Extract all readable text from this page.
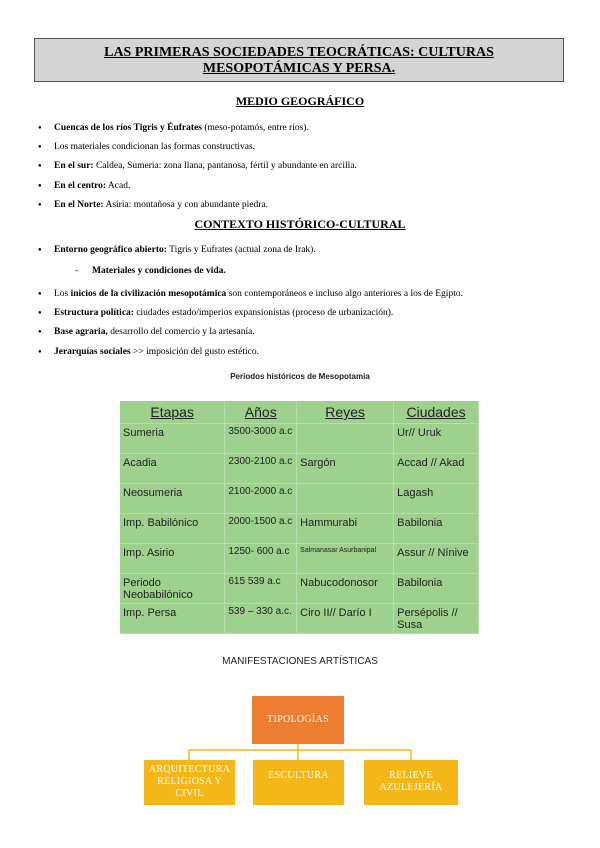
LAS PRIMERAS SOCIEDADES TEOCRÁTICAS: CULTURAS
MESOPOTÁMICAS Y PERSA.
MEDIO GEOGRÁFICO
● Cuencas de los ríos Tigris y Éufrates (meso-potamós, entre ríos).
● Los materiales condicionan las formas constructivas.
● En el sur: Caldea, Sumeria: zona llana, pantanosa, fértil y abundante en arcilla.
● En el centro: Acad.
● En el Norte: Asiria: montañosa y con abundante piedra.
CONTEXTO HISTÓRICO-CULTURAL
● Entorno geográfico abierto: Tigris y Eufrates (actual zona de Irak).
- Materiales y condiciones de vida.
● Los inicios de la civilización mesopotámica son contemporáneos e incluso algo anteriores a los de Egipto.
● Estructura política: ciudades estado/imperios expansionistas (proceso de urbanización).
● Base agraria, desarrollo del comercio y la artesanía.
● Jerarquías sociales >> imposición del gusto estético.
Periodos históricos de Mesopotamia
Etapas	Años	Reyes	Ciudades
Sumeria	3500-3000 a.c		Ur// Uruk
Acadia	2300-2100 a.c	Sargón	Accad // Akad
Neosumeria	2100-2000 a.c		Lagash
Imp. Babilónico	2000-1500 a.c	Hammurabi	Babilonia
Imp. Asirio	1250- 600 a.c	Salmanasar Asurbanipal	Assur // Nínive
Periodo Neobabilónico	615 539 a.c	Nabucodonosor	Babilonia
Imp. Persa	539 – 330 a.c.	Ciro II// Darío I	Persépolis // Susa
MANIFESTACIONES ARTÍSTICAS
TIPOLOGÍAS
ARQUITECTURA RELIGIOSA Y CIVIL
ESCULTURA	RELIEVE AZULEJERÍA
